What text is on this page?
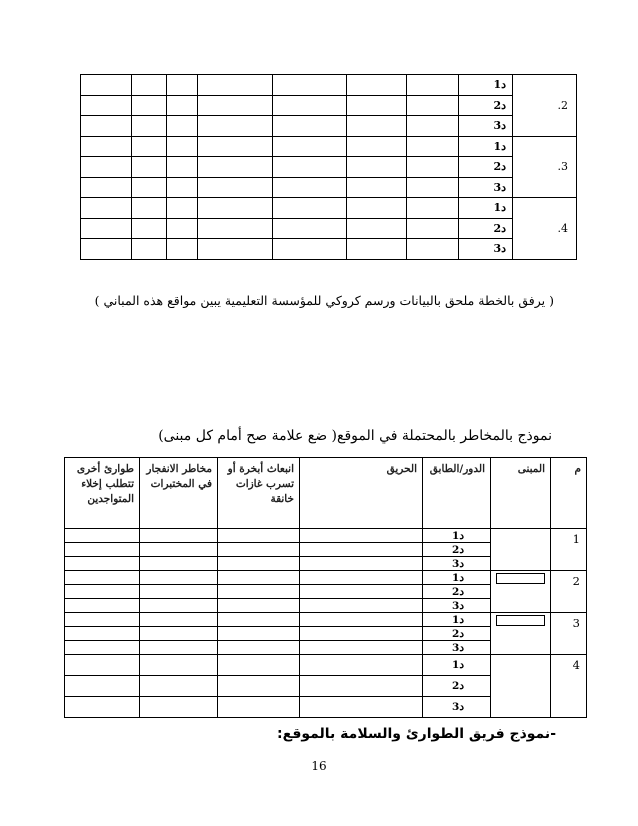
							د1	.2
							د2	
							د3	
							د1	.3
							د2	
							د3	
							د1	.4
							د2	
							د3	
( يرفق بالخطة ملحق بالبيانات ورسم كروكي للمؤسسة التعليمية يبين مواقع هذه المباني )
نموذج بالمخاطر بالمحتملة في الموقع( ضع علامة صح أمام كل مبنى)
طوارئ أخرى تتطلب إخلاء المتواجدين	مخاطر الانفجار في المختبرات	انبعاث أبخرة أو تسرب غازات خانقة	الحريق	الدور/الطابق	المبنى	م
				د1		1
				د2		
				د3		
				د1		2
				د2		
				د3		
				د1		3
				د2		
				د3		
				د1		4
				د2		
				د3		
-نموذج فريق الطوارئ والسلامة بالموقع:
16
